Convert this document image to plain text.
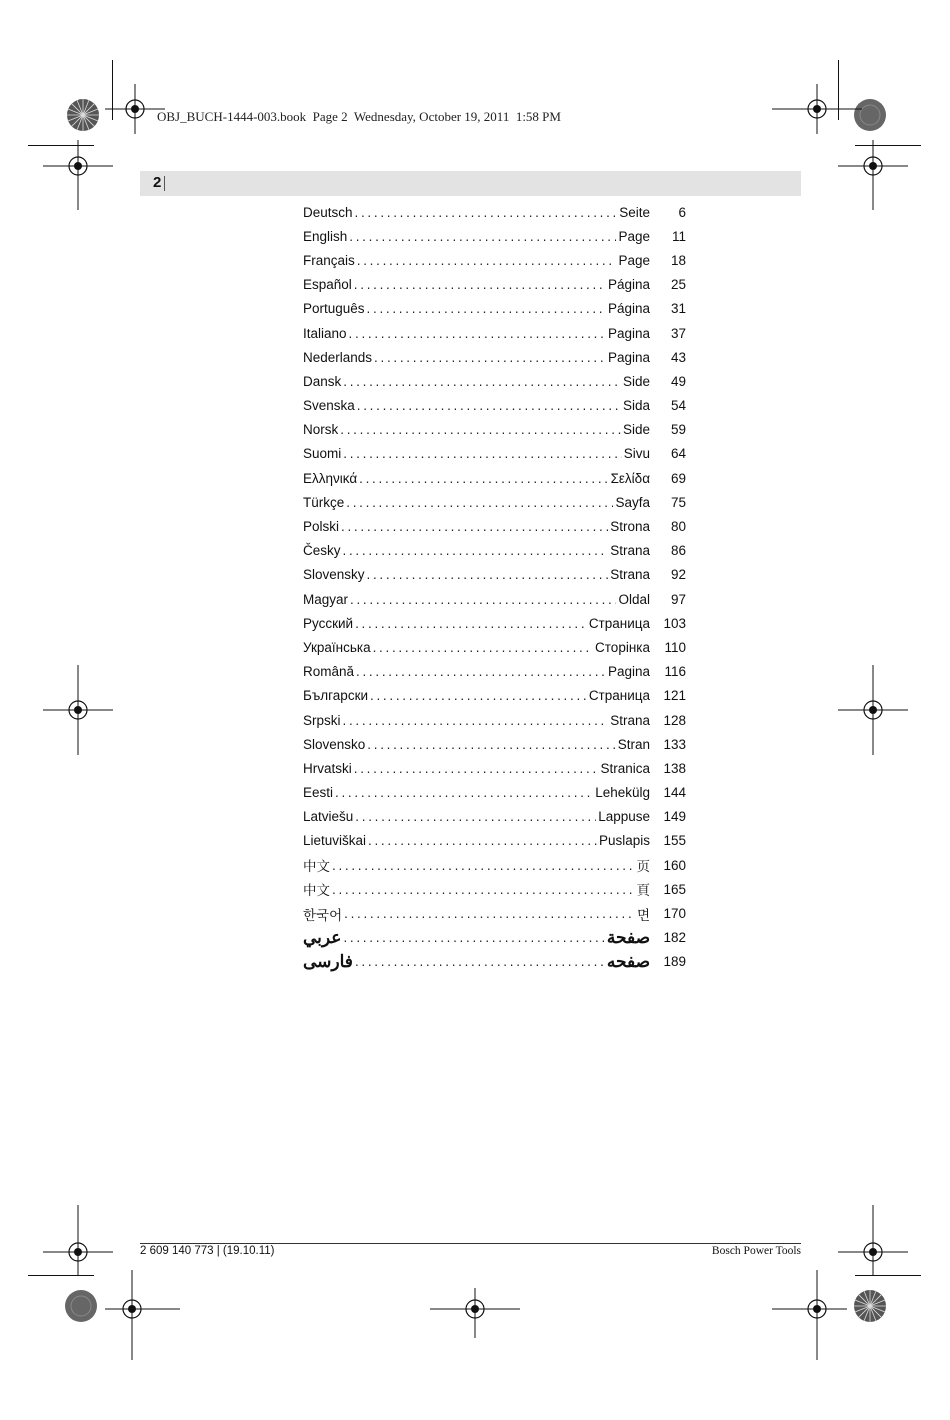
OBJ_BUCH-1444-003.book  Page 2  Wednesday, October 19, 2011  1:58 PM
2
Deutsch .....	Seite	6
English .....	Page	11
Français .....	Page	18
Español .....	Página	25
Português .....	Página	31
Italiano .....	Pagina	37
Nederlands .....	Pagina	43
Dansk .....	Side	49
Svenska .....	Sida	54
Norsk .....	Side	59
Suomi .....	Sivu	64
Ελληνικά .....	Σελίδα	69
Türkçe .....	Sayfa	75
Polski .....	Strona	80
Česky .....	Strana	86
Slovensky .....	Strana	92
Magyar .....	Oldal	97
Русский .....	Страница 103
Українська .....	Сторінка	110
Română .....	Pagina	116
Български .....	Страница 121
Srpski .....	Strana 128
Slovensko .....	Stran 133
Hrvatski .....	Stranica 138
Eesti .....	Lehekülg 144
Latviešu .....	Lappuse 149
Lietuviškai .....	Puslapis 155
中文 .....	页 160
中文 .....	頁 165
한국어 .....	면 170
عربي .....	صفحة 182
فارسی .....	صفحه 189
2 609 140 773 | (19.10.11)	Bosch Power Tools
